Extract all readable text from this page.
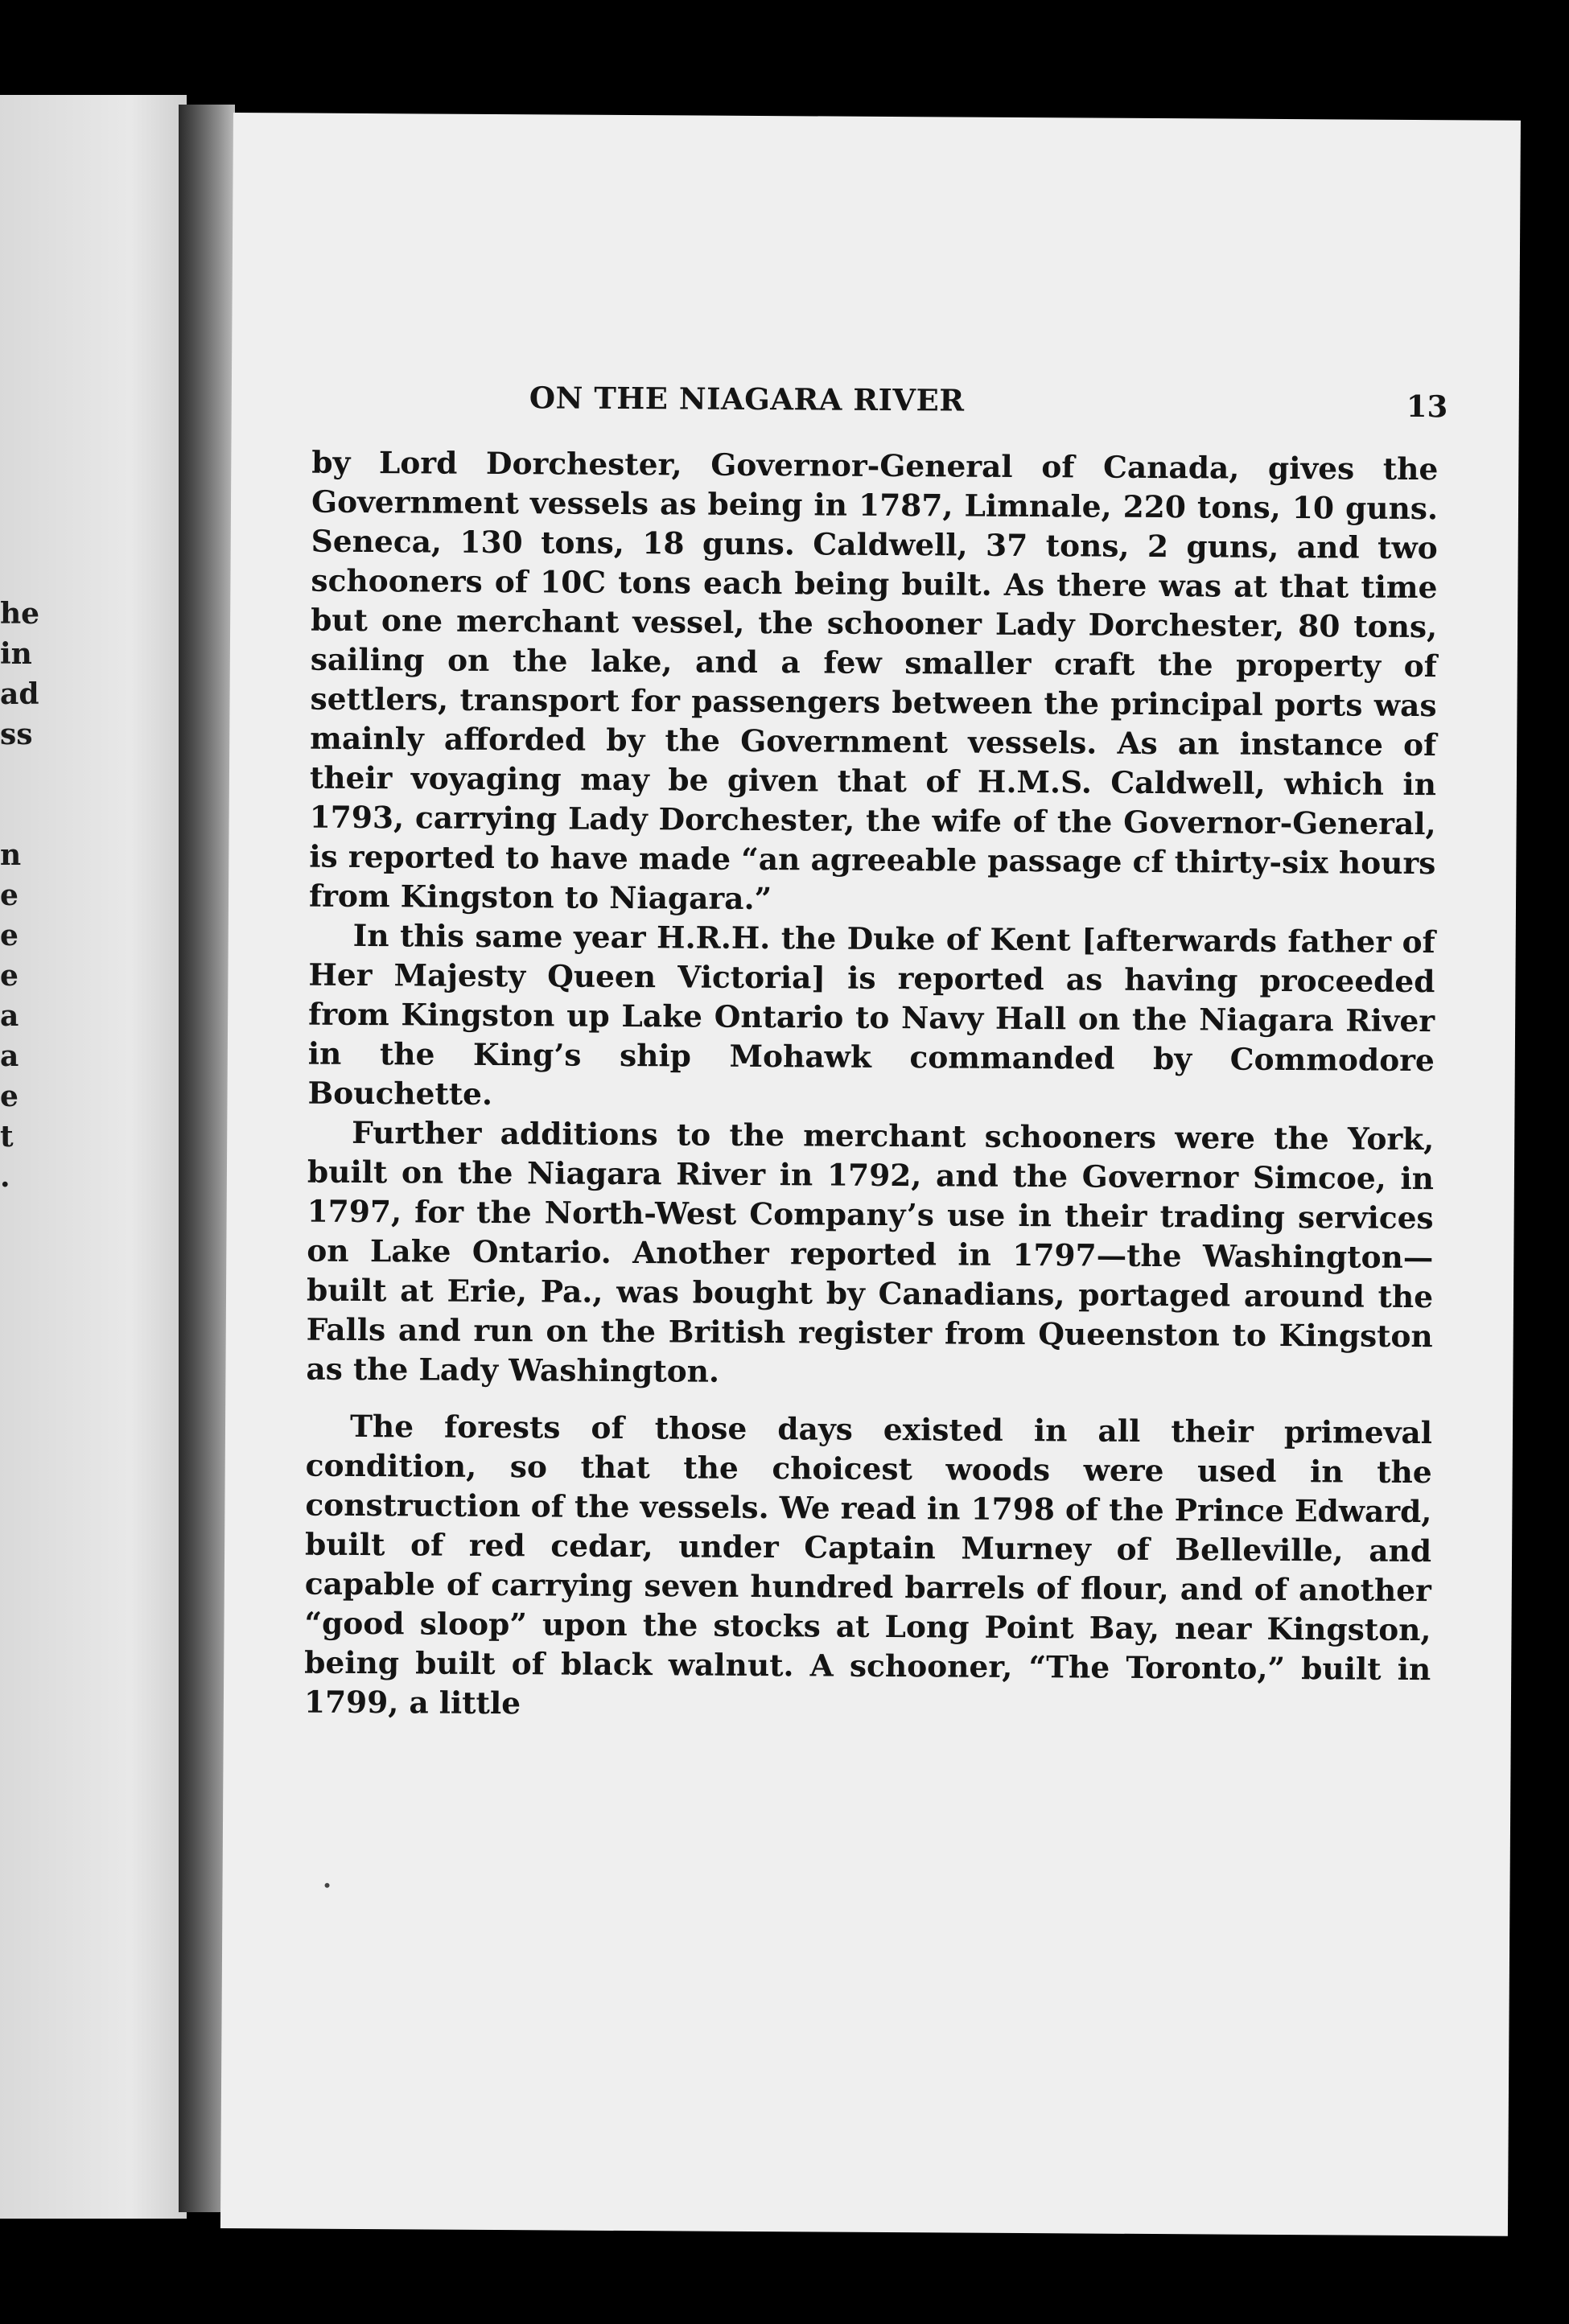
he
in
ad
ss
n
e
e
e
a
a
e
t
.
ON THE NIAGARA RIVER	13

by Lord Dorchester, Governor-General of Canada, gives the Government vessels as being in 1787, Limnale, 220 tons, 10 guns. Seneca, 130 tons, 18 guns. Caldwell, 37 tons, 2 guns, and two schooners of 10C tons each being built. As there was at that time but one merchant vessel, the schooner Lady Dorchester, 80 tons, sailing on the lake, and a few smaller craft the property of settlers, transport for passengers between the principal ports was mainly afforded by the Government vessels. As an instance of their voyaging may be given that of H.M.S. Caldwell, which in 1793, carrying Lady Dorchester, the wife of the Governor-General, is reported to have made “an agreeable passage cf thirty-six hours from Kingston to Niagara.”

In this same year H.R.H. the Duke of Kent [afterwards father of Her Majesty Queen Victoria] is reported as having proceeded from Kingston up Lake Ontario to Navy Hall on the Niagara River in the King’s ship Mohawk commanded by Commodore Bouchette.

Further additions to the merchant schooners were the York, built on the Niagara River in 1792, and the Governor Simcoe, in 1797, for the North-West Company’s use in their trading services on Lake Ontario. Another reported in 1797—the Washington—built at Erie, Pa., was bought by Canadians, portaged around the Falls and run on the British register from Queenston to Kingston as the Lady Washington.

The forests of those days existed in all their primeval condition, so that the choicest woods were used in the construction of the vessels. We read in 1798 of the Prince Edward, built of red cedar, under Captain Murney of Belleville, and capable of carrying seven hundred barrels of flour, and of another “good sloop” upon the stocks at Long Point Bay, near Kingston, being built of black walnut. A schooner, “The Toronto,” built in 1799, a little
